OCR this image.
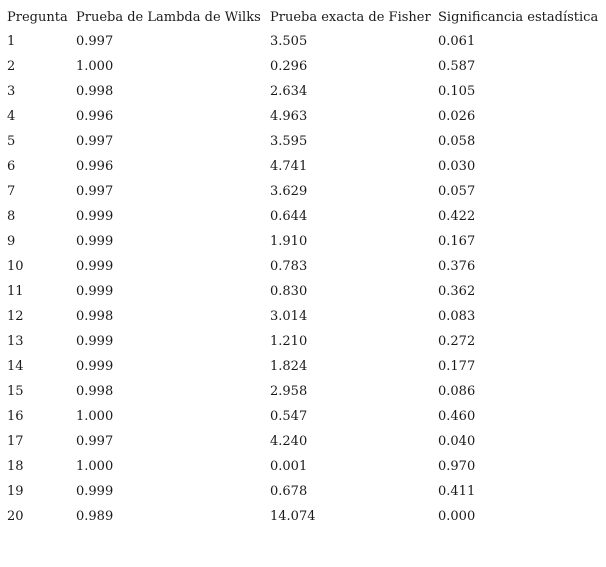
Pregunta	Prueba de Lambda de Wilks	Prueba exacta de Fisher	Significancia estadística
1	0.997	3.505	0.061
2	1.000	0.296	0.587
3	0.998	2.634	0.105
4	0.996	4.963	0.026
5	0.997	3.595	0.058
6	0.996	4.741	0.030
7	0.997	3.629	0.057
8	0.999	0.644	0.422
9	0.999	1.910	0.167
10	0.999	0.783	0.376
11	0.999	0.830	0.362
12	0.998	3.014	0.083
13	0.999	1.210	0.272
14	0.999	1.824	0.177
15	0.998	2.958	0.086
16	1.000	0.547	0.460
17	0.997	4.240	0.040
18	1.000	0.001	0.970
19	0.999	0.678	0.411
20	0.989	14.074	0.000
